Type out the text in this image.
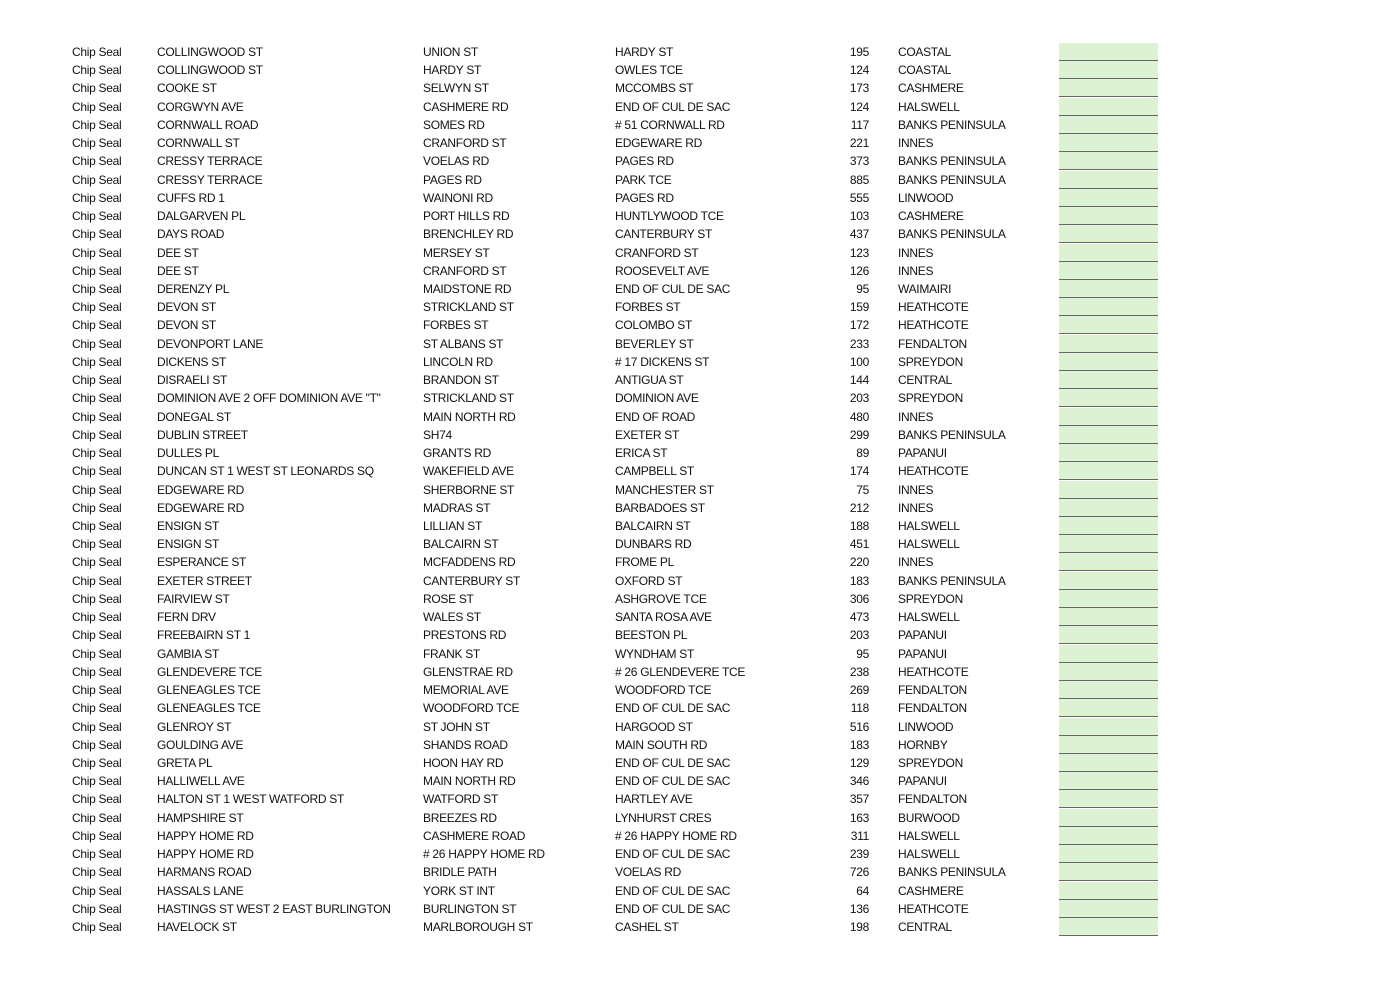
Chip Seal	COLLINGWOOD ST	UNION ST	HARDY ST	195 COASTAL
Chip Seal	COLLINGWOOD ST	HARDY ST	OWLES TCE	124 COASTAL
Chip Seal	COOKE ST	SELWYN ST	MCCOMBS ST	173 CASHMERE
Chip Seal	CORGWYN AVE	CASHMERE RD	END OF CUL DE SAC	124 HALSWELL
Chip Seal	CORNWALL ROAD	SOMES RD	# 51 CORNWALL RD	117 BANKS PENINSULA
Chip Seal	CORNWALL ST	CRANFORD ST	EDGEWARE RD	221 INNES
Chip Seal	CRESSY TERRACE	VOELAS RD	PAGES RD	373 BANKS PENINSULA
Chip Seal	CRESSY TERRACE	PAGES RD	PARK TCE	885 BANKS PENINSULA
Chip Seal	CUFFS RD 1	WAINONI RD	PAGES RD	555 LINWOOD
Chip Seal	DALGARVEN PL	PORT HILLS RD	HUNTLYWOOD TCE	103 CASHMERE
Chip Seal	DAYS ROAD	BRENCHLEY RD	CANTERBURY ST	437 BANKS PENINSULA
Chip Seal	DEE ST	MERSEY ST	CRANFORD ST	123 INNES
Chip Seal	DEE ST	CRANFORD ST	ROOSEVELT AVE	126 INNES
Chip Seal	DERENZY PL	MAIDSTONE RD	END OF CUL DE SAC	95 WAIMAIRI
Chip Seal	DEVON ST	STRICKLAND ST	FORBES ST	159 HEATHCOTE
Chip Seal	DEVON ST	FORBES ST	COLOMBO ST	172 HEATHCOTE
Chip Seal	DEVONPORT LANE	ST ALBANS ST	BEVERLEY ST	233 FENDALTON
Chip Seal	DICKENS ST	LINCOLN RD	# 17 DICKENS ST	100 SPREYDON
Chip Seal	DISRAELI ST	BRANDON ST	ANTIGUA ST	144 CENTRAL
Chip Seal	DOMINION AVE 2 OFF DOMINION AVE "T"	STRICKLAND ST	DOMINION AVE	203 SPREYDON
Chip Seal	DONEGAL ST	MAIN NORTH RD	END OF ROAD	480 INNES
Chip Seal	DUBLIN STREET	SH74	EXETER ST	299 BANKS PENINSULA
Chip Seal	DULLES PL	GRANTS RD	ERICA ST	89 PAPANUI
Chip Seal	DUNCAN ST 1 WEST ST LEONARDS SQ	WAKEFIELD AVE	CAMPBELL ST	174 HEATHCOTE
Chip Seal	EDGEWARE RD	SHERBORNE ST	MANCHESTER ST	75 INNES
Chip Seal	EDGEWARE RD	MADRAS ST	BARBADOES ST	212 INNES
Chip Seal	ENSIGN ST	LILLIAN ST	BALCAIRN ST	188 HALSWELL
Chip Seal	ENSIGN ST	BALCAIRN ST	DUNBARS RD	451 HALSWELL
Chip Seal	ESPERANCE ST	MCFADDENS RD	FROME PL	220 INNES
Chip Seal	EXETER STREET	CANTERBURY ST	OXFORD ST	183 BANKS PENINSULA
Chip Seal	FAIRVIEW ST	ROSE ST	ASHGROVE TCE	306 SPREYDON
Chip Seal	FERN DRV	WALES ST	SANTA ROSA AVE	473 HALSWELL
Chip Seal	FREEBAIRN ST 1	PRESTONS RD	BEESTON PL	203 PAPANUI
Chip Seal	GAMBIA ST	FRANK ST	WYNDHAM ST	95 PAPANUI
Chip Seal	GLENDEVERE TCE	GLENSTRAE RD	# 26 GLENDEVERE TCE	238 HEATHCOTE
Chip Seal	GLENEAGLES TCE	MEMORIAL AVE	WOODFORD TCE	269 FENDALTON
Chip Seal	GLENEAGLES TCE	WOODFORD TCE	END OF CUL DE SAC	118 FENDALTON
Chip Seal	GLENROY ST	ST JOHN ST	HARGOOD ST	516 LINWOOD
Chip Seal	GOULDING AVE	SHANDS ROAD	MAIN SOUTH RD	183 HORNBY
Chip Seal	GRETA PL	HOON HAY RD	END OF CUL DE SAC	129 SPREYDON
Chip Seal	HALLIWELL AVE	MAIN NORTH RD	END OF CUL DE SAC	346 PAPANUI
Chip Seal	HALTON ST 1 WEST WATFORD ST	WATFORD ST	HARTLEY AVE	357 FENDALTON
Chip Seal	HAMPSHIRE ST	BREEZES RD	LYNHURST CRES	163 BURWOOD
Chip Seal	HAPPY HOME RD	CASHMERE ROAD	# 26 HAPPY HOME RD	311 HALSWELL
Chip Seal	HAPPY HOME RD	# 26 HAPPY HOME RD	END OF CUL DE SAC	239 HALSWELL
Chip Seal	HARMANS ROAD	BRIDLE PATH	VOELAS RD	726 BANKS PENINSULA
Chip Seal	HASSALS LANE	YORK ST INT	END OF CUL DE SAC	64 CASHMERE
Chip Seal	HASTINGS ST WEST 2 EAST BURLINGTON	BURLINGTON ST	END OF CUL DE SAC	136 HEATHCOTE
Chip Seal	HAVELOCK ST	MARLBOROUGH ST	CASHEL ST	198 CENTRAL
